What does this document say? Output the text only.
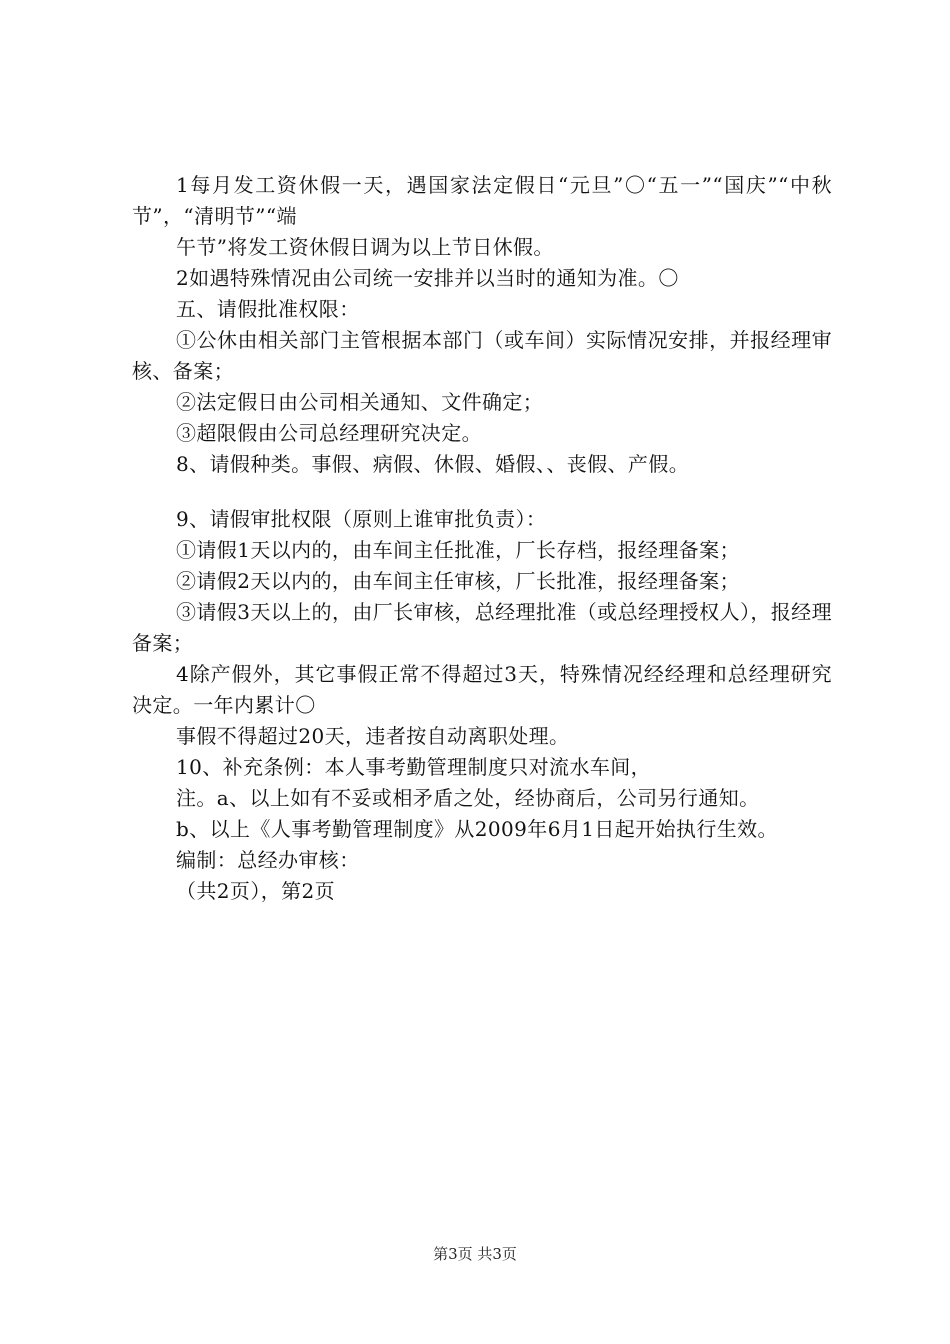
1每月发工资休假一天，遇国家法定假日“元旦”〇“五一”“国庆”“中秋节”，“清明节”“端

午节”将发工资休假日调为以上节日休假。

2如遇特殊情况由公司统一安排并以当时的通知为准。〇

五、请假批准权限：

①公休由相关部门主管根据本部门（或车间）实际情况安排，并报经理审核、备案；

②法定假日由公司相关通知、文件确定；

③超限假由公司总经理研究决定。

8、请假种类。事假、病假、休假、婚假、、丧假、产假。

9、请假审批权限（原则上谁审批负责）：

①请假1天以内的，由车间主任批准，厂长存档，报经理备案；

②请假2天以内的，由车间主任审核，厂长批准，报经理备案；

③请假3天以上的，由厂长审核，总经理批准（或总经理授权人），报经理备案；

4除产假外，其它事假正常不得超过3天，特殊情况经经理和总经理研究决定。一年内累计〇

事假不得超过20天，违者按自动离职处理。

10、补充条例：本人事考勤管理制度只对流水车间，

注。a、以上如有不妥或相矛盾之处，经协商后，公司另行通知。

b、以上《人事考勤管理制度》从2009年6月1日起开始执行生效。

编制：总经办审核：

（共2页），第2页

第3页 共3页
